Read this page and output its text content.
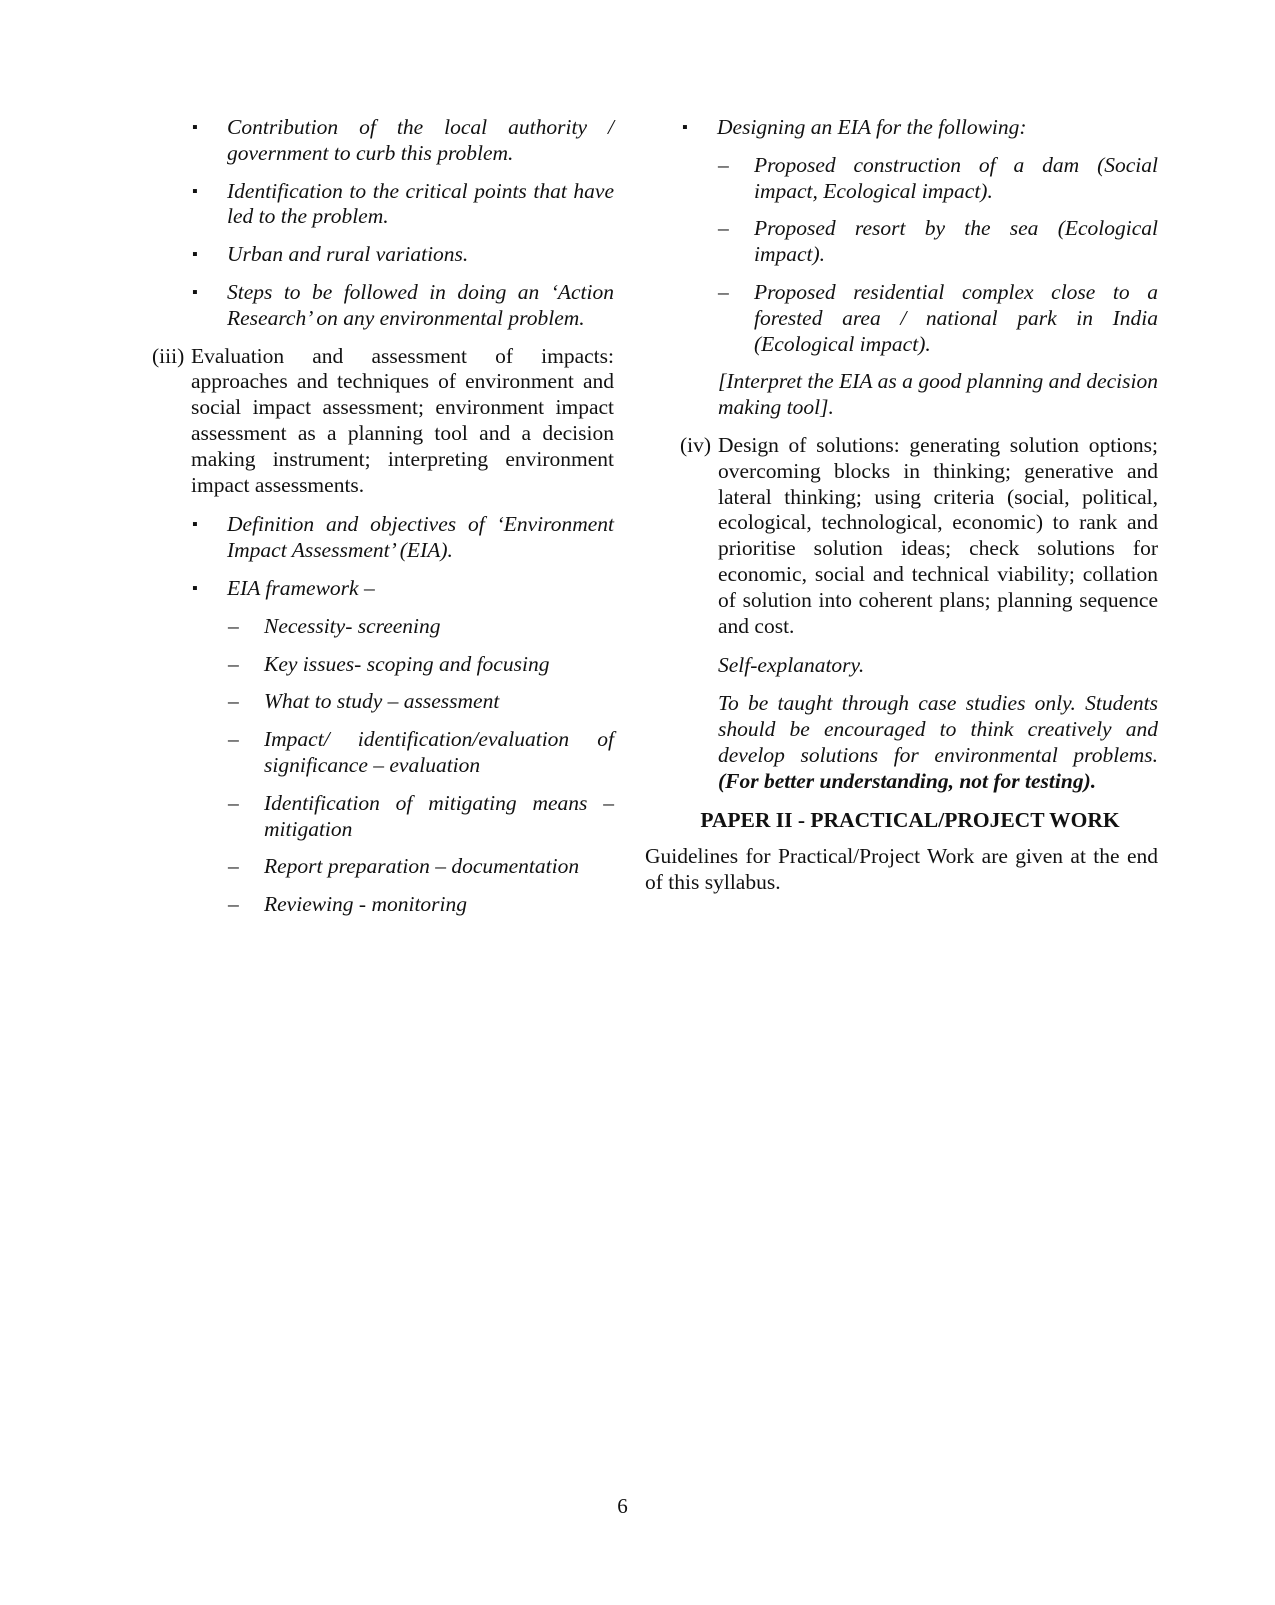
▪ Contribution of the local authority / government to curb this problem.
▪ Identification to the critical points that have led to the problem.
▪ Urban and rural variations.
▪ Steps to be followed in doing an ‘Action Research’ on any environmental problem.
(iii) Evaluation and assessment of impacts: approaches and techniques of environment and social impact assessment; environment impact assessment as a planning tool and a decision making instrument; interpreting environment impact assessments.
▪ Definition and objectives of ‘Environment Impact Assessment’ (EIA).
▪ EIA framework –
– Necessity- screening
– Key issues- scoping and focusing
– What to study – assessment
– Impact/ identification/evaluation of significance – evaluation
– Identification of mitigating means – mitigation
– Report preparation – documentation
– Reviewing - monitoring
▪ Designing an EIA for the following:
– Proposed construction of a dam (Social impact, Ecological impact).
– Proposed resort by the sea (Ecological impact).
– Proposed residential complex close to a forested area / national park in India (Ecological impact).
[Interpret the EIA as a good planning and decision making tool].
(iv) Design of solutions: generating solution options; overcoming blocks in thinking; generative and lateral thinking; using criteria (social, political, ecological, technological, economic) to rank and prioritise solution ideas; check solutions for economic, social and technical viability; collation of solution into coherent plans; planning sequence and cost.
Self-explanatory.
To be taught through case studies only. Students should be encouraged to think creatively and develop solutions for environmental problems. (For better understanding, not for testing).
PAPER II - PRACTICAL/PROJECT WORK
Guidelines for Practical/Project Work are given at the end of this syllabus.
6
